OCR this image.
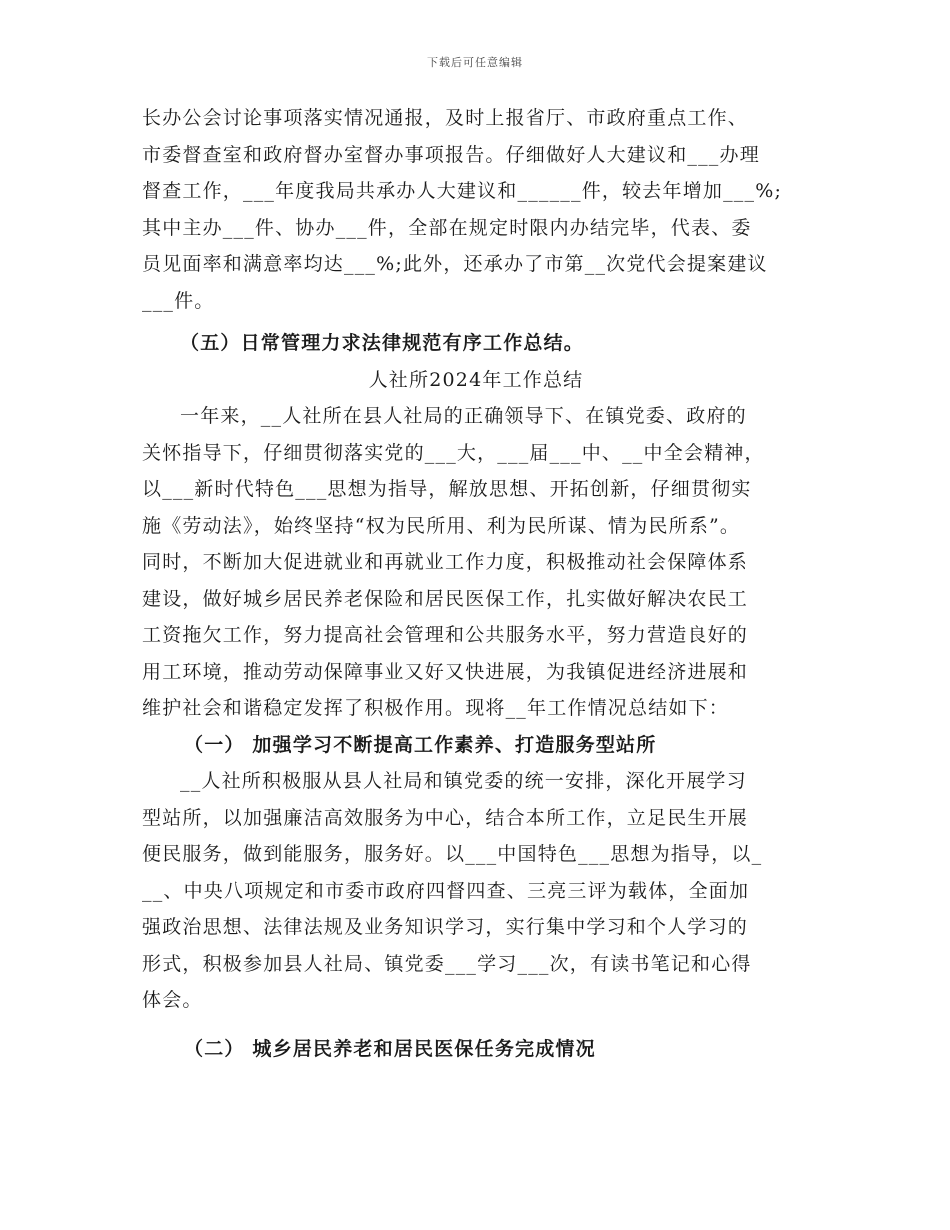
下载后可任意编辑
长办公会讨论事项落实情况通报，及时上报省厅、市政府重点工作、
市委督查室和政府督办室督办事项报告。仔细做好人大建议和___办理
督查工作，___年度我局共承办人大建议和______件，较去年增加___%;
其中主办___件、协办___件，全部在规定时限内办结完毕，代表、委
员见面率和满意率均达___%;此外，还承办了市第__次党代会提案建议
___件。
（五）日常管理力求法律规范有序工作总结。
人社所2024年工作总结
一年来，__人社所在县人社局的正确领导下、在镇党委、政府的
关怀指导下，仔细贯彻落实党的___大，___届___中、__中全会精神，
以___新时代特色___思想为指导，解放思想、开拓创新，仔细贯彻实
施《劳动法》，始终坚持“权为民所用、利为民所谋、情为民所系”。
同时，不断加大促进就业和再就业工作力度，积极推动社会保障体系
建设，做好城乡居民养老保险和居民医保工作，扎实做好解决农民工
工资拖欠工作，努力提高社会管理和公共服务水平，努力营造良好的
用工环境，推动劳动保障事业又好又快进展，为我镇促进经济进展和
维护社会和谐稳定发挥了积极作用。现将__年工作情况总结如下：
（一） 加强学习不断提高工作素养、打造服务型站所
__人社所积极服从县人社局和镇党委的统一安排，深化开展学习
型站所，以加强廉洁高效服务为中心，结合本所工作，立足民生开展
便民服务，做到能服务，服务好。以___中国特色___思想为指导，以_
__、中央八项规定和市委市政府四督四查、三亮三评为载体，全面加
强政治思想、法律法规及业务知识学习，实行集中学习和个人学习的
形式，积极参加县人社局、镇党委___学习___次，有读书笔记和心得
体会。
（二） 城乡居民养老和居民医保任务完成情况
